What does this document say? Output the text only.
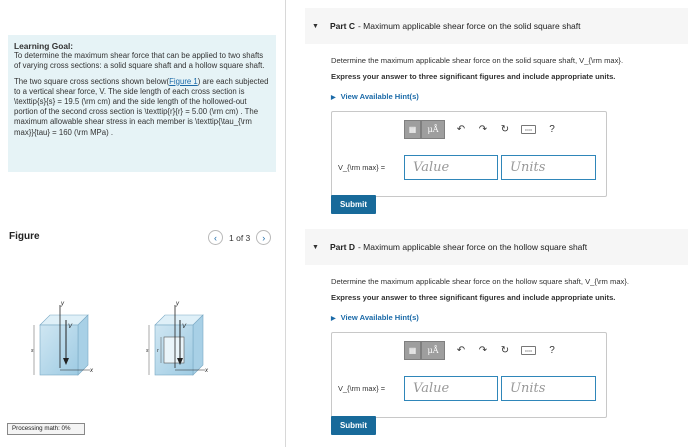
Learning Goal:

To determine the maximum shear force that can be applied to two shafts of varying cross sections: a solid square shaft and a hollow square shaft.

The two square cross sections shown below(Figure 1) are each subjected to a vertical shear force, V. The side length of each cross section is \texttip{s}{s} = 19.5 (\rm cm) and the side length of the hollowed-out portion of the second cross section is \texttip{r}{r} = 5.00 (\rm cm) . The maximum allowable shear stress in each member is \texttip{\tau_{\rm max}}{tau} = 160 (\rm MPa) .

Figure	‹	1 of 3	›
V
y
x
s
V
y
x
s r
Processing math: 0%
▼ Part C - Maximum applicable shear force on the solid square shaft
Determine the maximum applicable shear force on the solid square shaft, V_{\rm max}.
Express your answer to three significant figures and include appropriate units.
▶ View Available Hint(s)
▦	μÅ	↶ ↷ ↻	▭▭	?
V_{\rm max} =	Value	Units
Submit
▼ Part D - Maximum applicable shear force on the hollow square shaft
Determine the maximum applicable shear force on the hollow square shaft, V_{\rm max}.
Express your answer to three significant figures and include appropriate units.
▶ View Available Hint(s)
▦	μÅ	↶ ↷ ↻	▭▭	?
V_{\rm max} =	Value	Units
Submit
